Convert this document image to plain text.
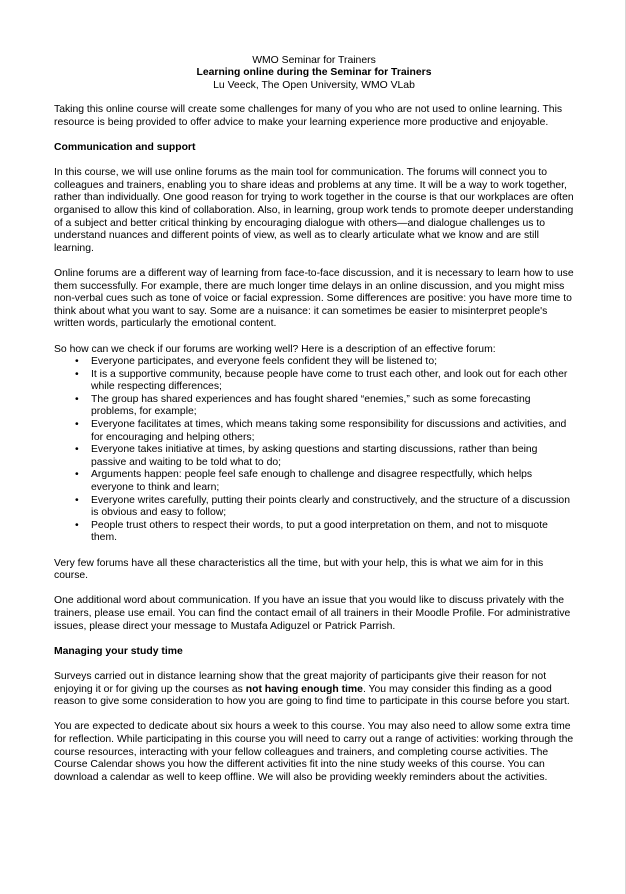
WMO Seminar for Trainers
Learning online during the Seminar for Trainers
Lu Veeck, The Open University, WMO VLab

Taking this online course will create some challenges for many of you who are not used to online learning. This resource is being provided to offer advice to make your learning experience more productive and enjoyable.

Communication and support

In this course, we will use online forums as the main tool for communication. The forums will connect you to colleagues and trainers, enabling you to share ideas and problems at any time. It will be a way to work together, rather than individually. One good reason for trying to work together in the course is that our workplaces are often organised to allow this kind of collaboration. Also, in learning, group work tends to promote deeper understanding of a subject and better critical thinking by encouraging dialogue with others—and dialogue challenges us to understand nuances and different points of view, as well as to clearly articulate what we know and are still learning.

Online forums are a different way of learning from face-to-face discussion, and it is necessary to learn how to use them successfully. For example, there are much longer time delays in an online discussion, and you might miss non-verbal cues such as tone of voice or facial expression. Some differences are positive: you have more time to think about what you want to say. Some are a nuisance: it can sometimes be easier to misinterpret people's written words, particularly the emotional content.

So how can we check if our forums are working well? Here is a description of an effective forum:
• Everyone participates, and everyone feels confident they will be listened to;
• It is a supportive community, because people have come to trust each other, and look out for each other while respecting differences;
• The group has shared experiences and has fought shared “enemies,” such as some forecasting problems, for example;
• Everyone facilitates at times, which means taking some responsibility for discussions and activities, and for encouraging and helping others;
• Everyone takes initiative at times, by asking questions and starting discussions, rather than being passive and waiting to be told what to do;
• Arguments happen: people feel safe enough to challenge and disagree respectfully, which helps everyone to think and learn;
• Everyone writes carefully, putting their points clearly and constructively, and the structure of a discussion is obvious and easy to follow;
• People trust others to respect their words, to put a good interpretation on them, and not to misquote them.

Very few forums have all these characteristics all the time, but with your help, this is what we aim for in this course.

One additional word about communication. If you have an issue that you would like to discuss privately with the trainers, please use email. You can find the contact email of all trainers in their Moodle Profile. For administrative issues, please direct your message to Mustafa Adiguzel or Patrick Parrish.

Managing your study time

Surveys carried out in distance learning show that the great majority of participants give their reason for not enjoying it or for giving up the courses as not having enough time. You may consider this finding as a good reason to give some consideration to how you are going to find time to participate in this course before you start.

You are expected to dedicate about six hours a week to this course. You may also need to allow some extra time for reflection. While participating in this course you will need to carry out a range of activities: working through the course resources, interacting with your fellow colleagues and trainers, and completing course activities. The Course Calendar shows you how the different activities fit into the nine study weeks of this course. You can download a calendar as well to keep offline. We will also be providing weekly reminders about the activities.
